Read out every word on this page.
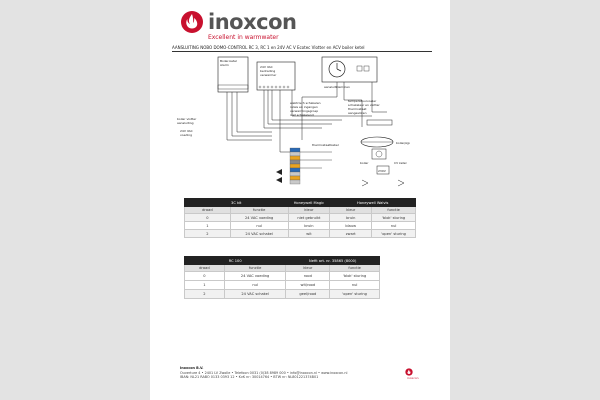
inoxcon
Excellent in warmwater
AANSLUITING NOBO DOMO-CONTROL RC 3, RC 1 en 24V AC V Ecotec Vlotter en ACV boiler ketel
Boiler-ketel
Alarm	24V VAC
bedrading
verwarmer
aansluitklemmen
elektrisch schakelen
relais en ingangen
verwarmingsgroep
niet schakelend
temperatuurvoeler
schakelaar en vlotter
thermostaat
aangesloten
boiler vlotter
aansluiting
24V VAC
voeding
boilerpijp
thermostaatkabel
boiler	CV ketel
230V
3C kit		Honeywell Magic	Honeywell Walvis	
draad	functie	kleur	kleur	functie
0	24 VAC voeding	niet gebruikt	bruin	'blok' sturing
1	nul	bruin	blauw	nul
2	24 VAC schakel	wit	zwart	'open' sturing
RC 100		Nefit art. nr. 35865 (8000)	
draad	functie	kleur	functie
0	24 VAC voeding	rood	'blok' sturing
1	nul	wit/rood	nul
2	24 VAC schakel	geel/rood	'open' sturing
Inoxcon B.V.
Ouverture 4 • 2401 LV Zwolle • Telefoon 0031 (0)38 8989 000 • info@inoxcon.nl • www.inoxcon.nl
IBAN: NL21 RABO 0133 0393 12 • KvK nr: 30014764 • BTW nr: NL801221374B01	inoxcon
